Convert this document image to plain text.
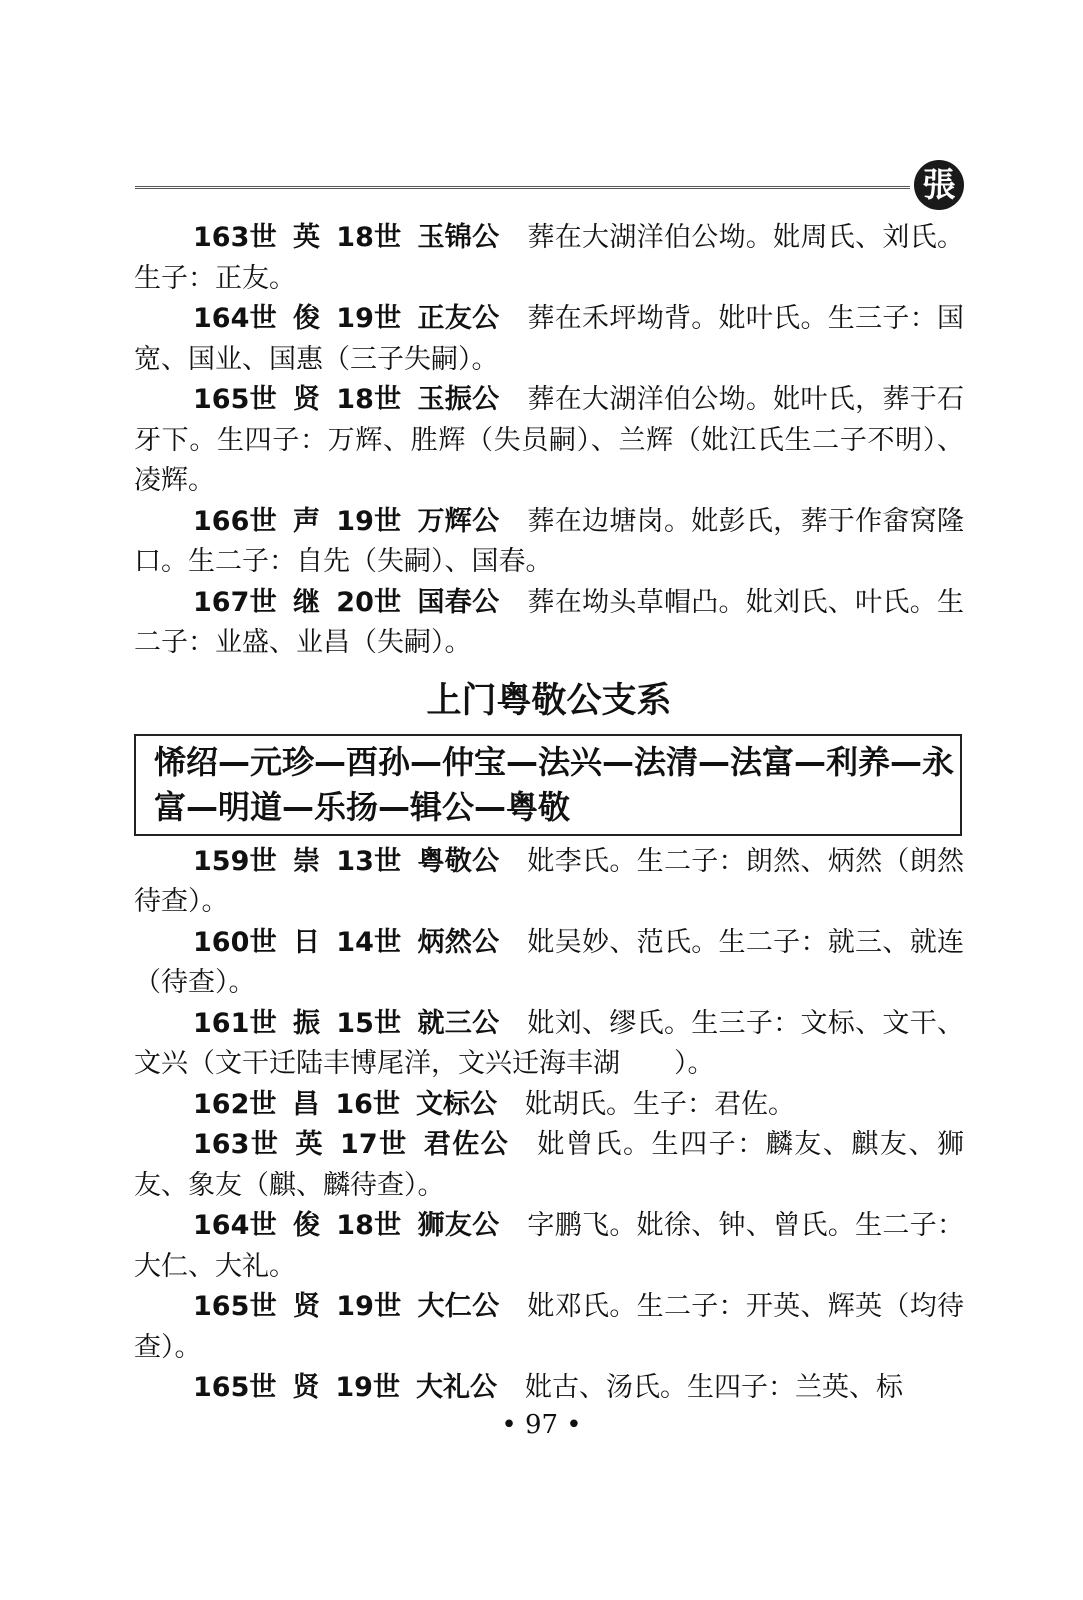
張

163世 英 18世 玉锦公 葬在大湖洋伯公坳。妣周氏、刘氏。生子：正友。

164世 俊 19世 正友公 葬在禾坪坳背。妣叶氏。生三子：国宽、国业、国惠（三子失嗣）。

165世 贤 18世 玉振公 葬在大湖洋伯公坳。妣叶氏，葬于石牙下。生四子：万辉、胜辉（失员嗣）、兰辉（妣江氏生二子不明）、凌辉。

166世 声 19世 万辉公 葬在边塘岗。妣彭氏，葬于作畲窝隆口。生二子：自先（失嗣）、国春。

167世 继 20世 国春公 葬在坳头草帽凸。妣刘氏、叶氏。生二子：业盛、业昌（失嗣）。

上门粤敬公支系
悕绍—元珍—酉孙—仲宝—法兴—法清—法富—利养—永富—明道—乐扬—辑公—粤敬

159世 崇 13世 粤敬公 妣李氏。生二子：朗然、炳然（朗然待查）。

160世 日 14世 炳然公 妣吴妙、范氏。生二子：就三、就连（待查）。

161世 振 15世 就三公 妣刘、缪氏。生三子：文标、文干、文兴（文干迁陆丰博尾洋，文兴迁海丰湖　　）。

162世 昌 16世 文标公 妣胡氏。生子：君佐。

163世 英 17世 君佐公 妣曾氏。生四子：麟友、麒友、狮友、象友（麒、麟待查）。

164世 俊 18世 狮友公 字鹏飞。妣徐、钟、曾氏。生二子：大仁、大礼。

165世 贤 19世 大仁公 妣邓氏。生二子：开英、辉英（均待查）。

165世 贤 19世 大礼公 妣古、汤氏。生四子：兰英、标

• 97 •
